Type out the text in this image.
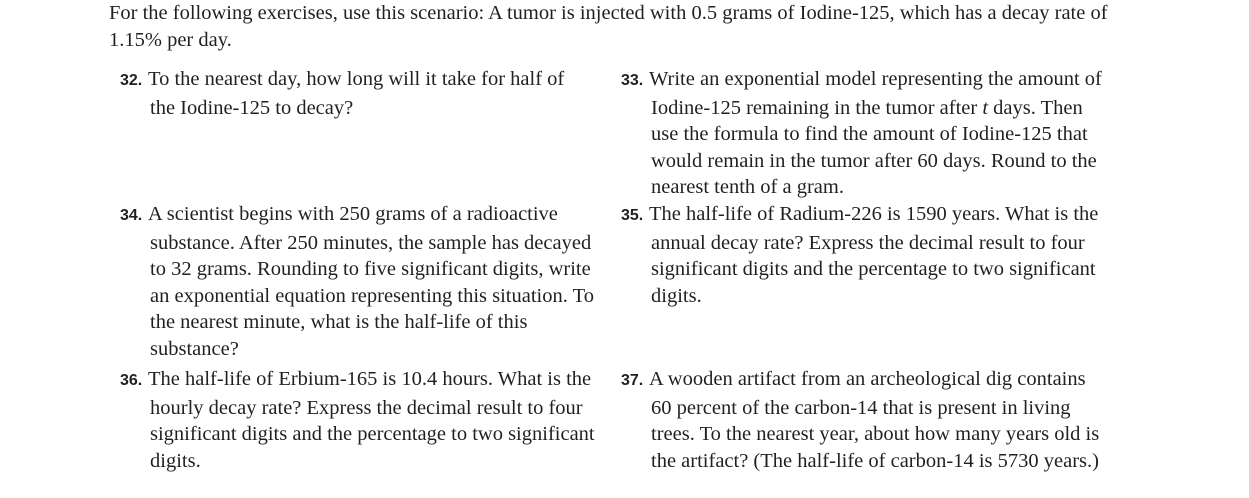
For the following exercises, use this scenario: A tumor is injected with 0.5 grams of Iodine-125, which has a decay rate of 1.15% per day.
32. To the nearest day, how long will it take for half of the Iodine-125 to decay?
33. Write an exponential model representing the amount of Iodine-125 remaining in the tumor after t days. Then use the formula to find the amount of Iodine-125 that would remain in the tumor after 60 days. Round to the nearest tenth of a gram.
34. A scientist begins with 250 grams of a radioactive substance. After 250 minutes, the sample has decayed to 32 grams. Rounding to five significant digits, write an exponential equation representing this situation. To the nearest minute, what is the half-life of this substance?
35. The half-life of Radium-226 is 1590 years. What is the annual decay rate? Express the decimal result to four significant digits and the percentage to two significant digits.
36. The half-life of Erbium-165 is 10.4 hours. What is the hourly decay rate? Express the decimal result to four significant digits and the percentage to two significant digits.
37. A wooden artifact from an archeological dig contains 60 percent of the carbon-14 that is present in living trees. To the nearest year, about how many years old is the artifact? (The half-life of carbon-14 is 5730 years.)
